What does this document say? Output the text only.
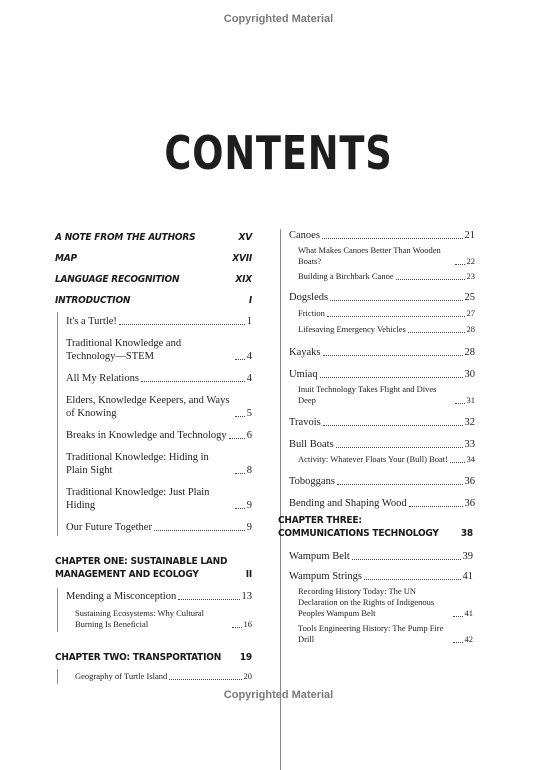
Copyrighted Material
CONTENTS
A NOTE FROM THE AUTHORS	XV
MAP	XVII
LANGUAGE RECOGNITION	XIX
INTRODUCTION	I
It's a Turtle!	1
Traditional Knowledge and Technology—STEM	4
All My Relations	4
Elders, Knowledge Keepers, and Ways of Knowing	5
Breaks in Knowledge and Technology 6
Traditional Knowledge: Hiding in Plain Sight	8
Traditional Knowledge: Just Plain Hiding	9
Our Future Together	9
CHAPTER ONE: SUSTAINABLE LAND MANAGEMENT AND ECOLOGY	II
Mending a Misconception	13
Sustaining Ecosystems: Why Cultural Burning Is Beneficial	16
CHAPTER TWO: TRANSPORTATION	19
Geography of Turtle Island	20
Canoes	21
What Makes Canoes Better Than Wooden Boats?	22
Building a Birchbark Canoe	23
Dogsleds	25
Friction	27
Lifesaving Emergency Vehicles	28
Kayaks	28
Umiaq	30
Inuit Technology Takes Flight and Dives Deep	31
Travois	32
Bull Boats	33
Activity: Whatever Floats Your (Bull) Boat! 34
Toboggans	36
Bending and Shaping Wood	36
CHAPTER THREE: COMMUNICATIONS TECHNOLOGY	38
Wampum Belt	39
Wampum Strings	41
Recording History Today: The UN Declaration on the Rights of Indigenous Peoples Wampum Belt	41
Tools Engineering History: The Pump Fire Drill	42
Copyrighted Material
